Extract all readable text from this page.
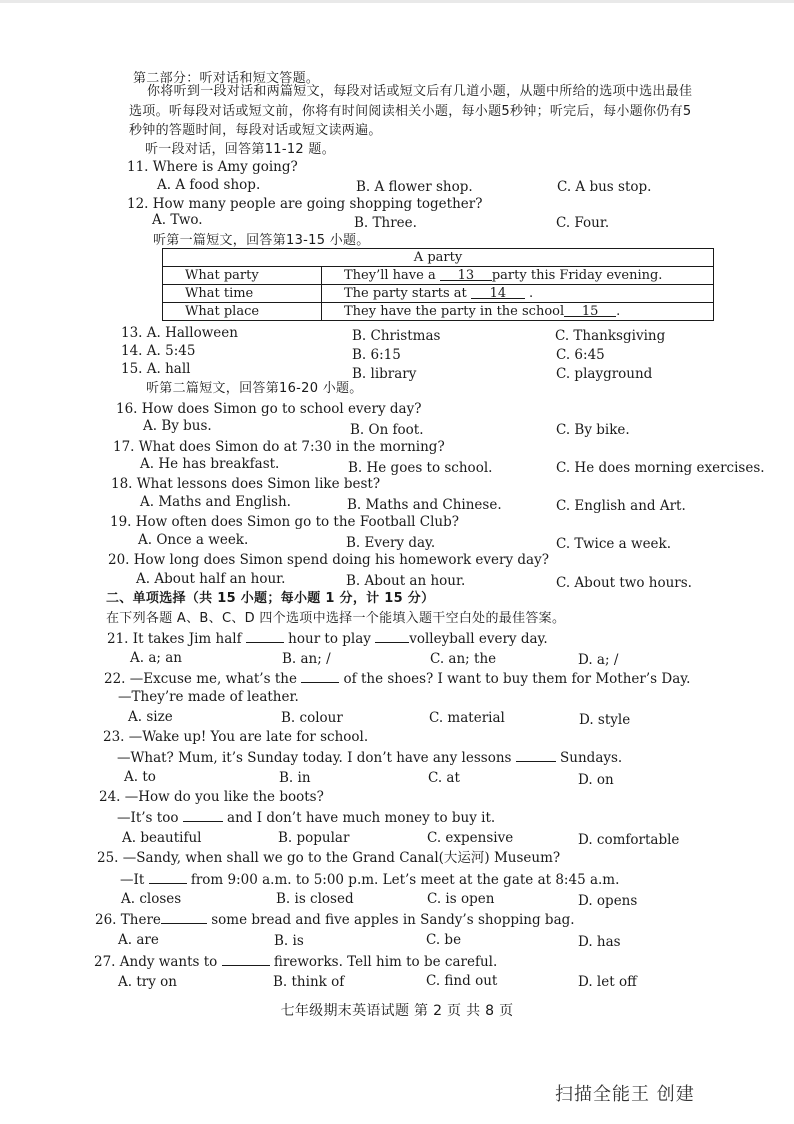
第二部分：听对话和短文答题。
你将听到一段对话和两篇短文，每段对话或短文后有几道小题，从题中所给的选项中选出最佳
选项。听每段对话或短文前，你将有时间阅读相关小题，每小题5秒钟；听完后，每小题你仍有5
秒钟的答题时间，每段对话或短文读两遍。
听一段对话，回答第11-12 题。
11. Where is Amy going?
A. A food shop.	B. A flower shop.	C. A bus stop.
12. How many people are going shopping together?
A. Two.	B. Three.	C. Four.
听第一篇短文，回答第13-15 小题。
A party	
What party	They’ll have a 13 party this Friday evening.
What time	The party starts at 14 .
What place	They have the party in the school 15 .
13. A. Halloween	B. Christmas	C. Thanksgiving
14. A. 5:45	B. 6:15	C. 6:45
15. A. hall	B. library	C. playground
听第二篇短文，回答第16-20 小题。
16. How does Simon go to school every day?
A. By bus.	B. On foot.	C. By bike.
17. What does Simon do at 7:30 in the morning?
A. He has breakfast.	B. He goes to school.	C. He does morning exercises.
18. What lessons does Simon like best?
A. Maths and English.	B. Maths and Chinese.	C. English and Art.
19. How often does Simon go to the Football Club?
A. Once a week.	B. Every day.	C. Twice a week.
20. How long does Simon spend doing his homework every day?
A. About half an hour.	B. About an hour.	C. About two hours.
二、单项选择（共 15 小题；每小题 1 分，计 15 分）
在下列各题 A、B、C、D 四个选项中选择一个能填入题干空白处的最佳答案。
21. It takes Jim half	hour to play	volleyball every day.
A. a; an	B. an; /	C. an; the	D. a; /
22. —Excuse me, what’s the	of the shoes? I want to buy them for Mother’s Day.
—They’re made of leather.
A. size	B. colour	C. material	D. style
23. —Wake up! You are late for school.
—What? Mum, it’s Sunday today. I don’t have any lessons	Sundays.
A. to	B. in	C. at	D. on
24. —How do you like the boots?
—It’s too	and I don’t have much money to buy it.
A. beautiful	B. popular	C. expensive	D. comfortable
25. —Sandy, when shall we go to the Grand Canal(大运河) Museum?
—It	from 9:00 a.m. to 5:00 p.m. Let’s meet at the gate at 8:45 a.m.
A. closes	B. is closed	C. is open	D. opens
26. There	some bread and five apples in Sandy’s shopping bag.
A. are	B. is	C. be	D. has
27. Andy wants to	fireworks. Tell him to be careful.
A. try on	B. think of	C. find out	D. let off
七年级期末英语试题 第 2 页 共 8 页
扫描全能王 创建
